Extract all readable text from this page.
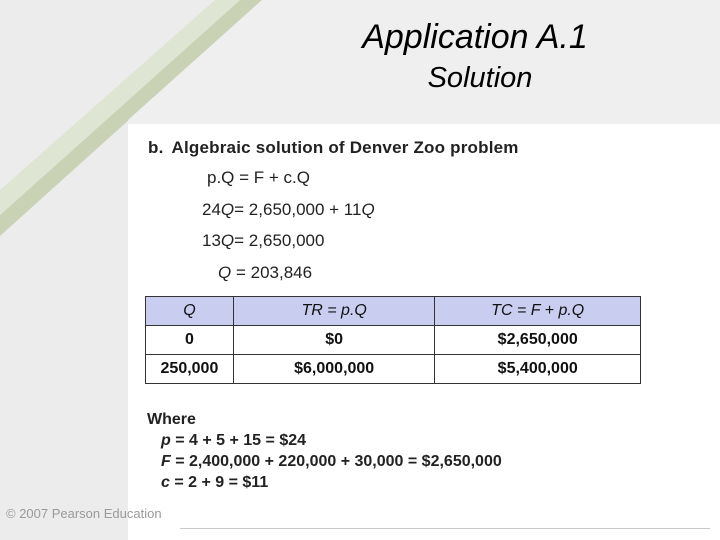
Application A.1
Solution
b. Algebraic solution of Denver Zoo problem
p.Q = F + c.Q
24Q= 2,650,000 + 11Q
13Q= 2,650,000
Q = 203,846
Q	TR = p.Q	TC = F + p.Q
0	$0	$2,650,000
250,000	$6,000,000	$5,400,000
Where
p = 4 + 5 + 15 = $24
F = 2,400,000 + 220,000 + 30,000 = $2,650,000
c = 2 + 9 = $11
© 2007 Pearson Education
